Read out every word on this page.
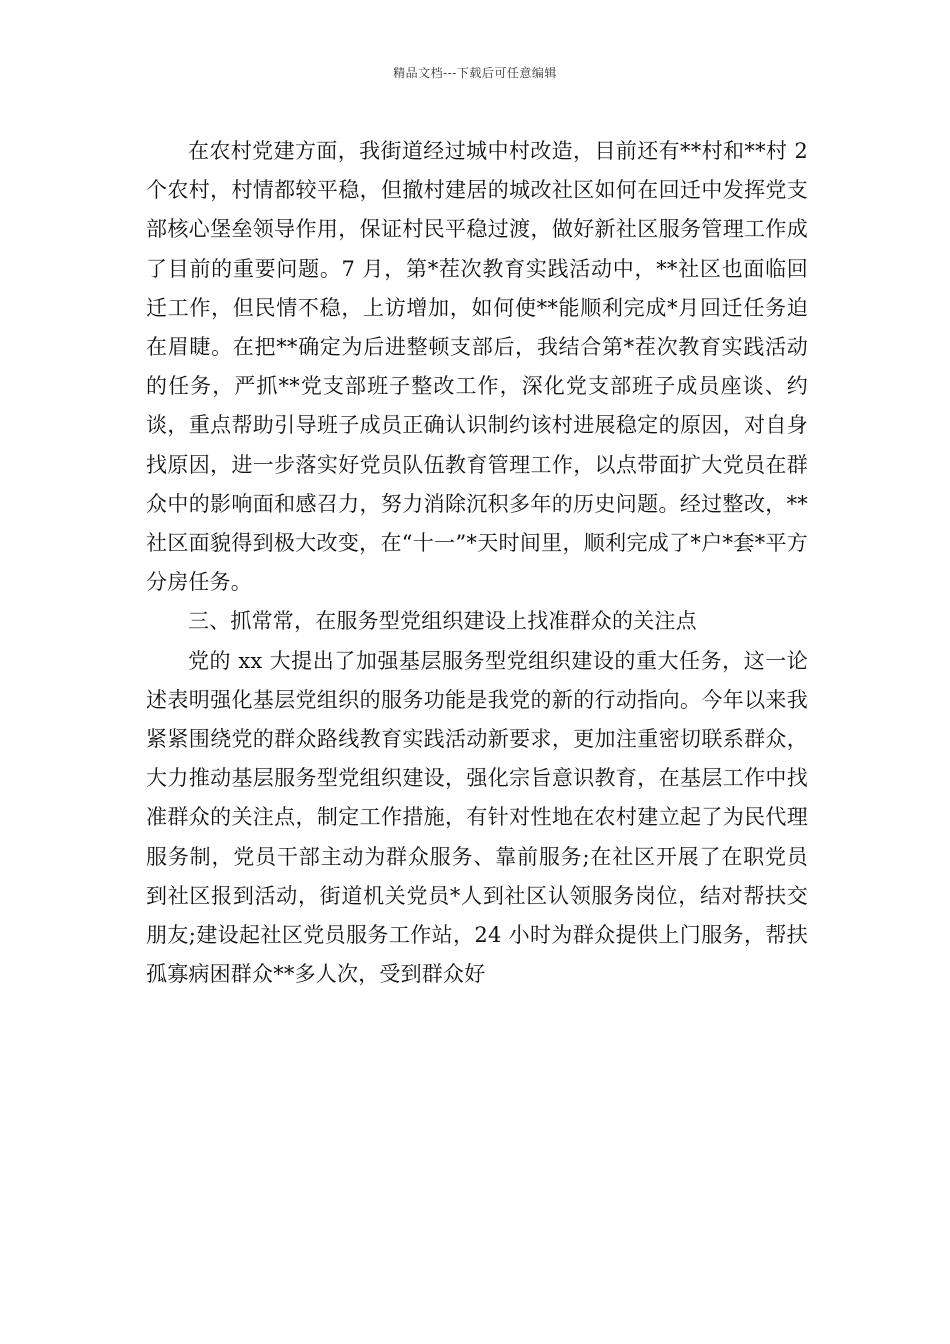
精品文档---下载后可任意编辑

在农村党建方面，我街道经过城中村改造，目前还有**村和**村 2 个农村，村情都较平稳，但撤村建居的城改社区如何在回迁中发挥党支部核心堡垒领导作用，保证村民平稳过渡，做好新社区服务管理工作成了目前的重要问题。7 月，第*茬次教育实践活动中，**社区也面临回迁工作，但民情不稳，上访增加，如何使**能顺利完成*月回迁任务迫在眉睫。在把**确定为后进整顿支部后，我结合第*茬次教育实践活动的任务，严抓**党支部班子整改工作，深化党支部班子成员座谈、约谈，重点帮助引导班子成员正确认识制约该村进展稳定的原因，对自身找原因，进一步落实好党员队伍教育管理工作，以点带面扩大党员在群众中的影响面和感召力，努力消除沉积多年的历史问题。经过整改，**社区面貌得到极大改变，在“十一”*天时间里，顺利完成了*户*套*平方分房任务。

三、抓常常，在服务型党组织建设上找准群众的关注点

党的 xx 大提出了加强基层服务型党组织建设的重大任务，这一论述表明强化基层党组织的服务功能是我党的新的行动指向。今年以来我紧紧围绕党的群众路线教育实践活动新要求，更加注重密切联系群众，大力推动基层服务型党组织建设，强化宗旨意识教育，在基层工作中找准群众的关注点，制定工作措施，有针对性地在农村建立起了为民代理服务制，党员干部主动为群众服务、靠前服务;在社区开展了在职党员到社区报到活动，街道机关党员*人到社区认领服务岗位，结对帮扶交朋友;建设起社区党员服务工作站，24 小时为群众提供上门服务，帮扶孤寡病困群众**多人次，受到群众好
